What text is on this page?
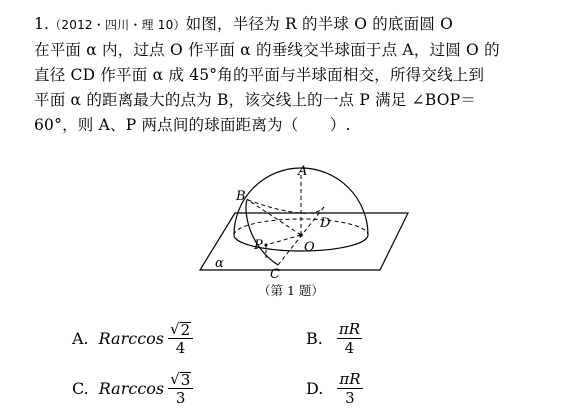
1.（2012・四川・理 10）如图，半径为 R 的半球 O 的底面圆 O
在平面 α 内，过点 O 作平面 α 的垂线交半球面于点 A，过圆 O 的
直径 CD 作平面 α 成 45°角的平面与半球面相交，所得交线上到
平面 α 的距离最大的点为 B，该交线上的一点 P 满足 ∠BOP＝
60°，则 A、P 两点间的球面距离为（　　）.
A
B
D
P	O
C
α
（第 1 题）
A. Rarccos $\frac{√ 2}{4}$	B. $\frac{\pi R}{4}$
C. Rarccos $\frac{√ 3}{3}$	D. $\frac{\pi R}{3}$
